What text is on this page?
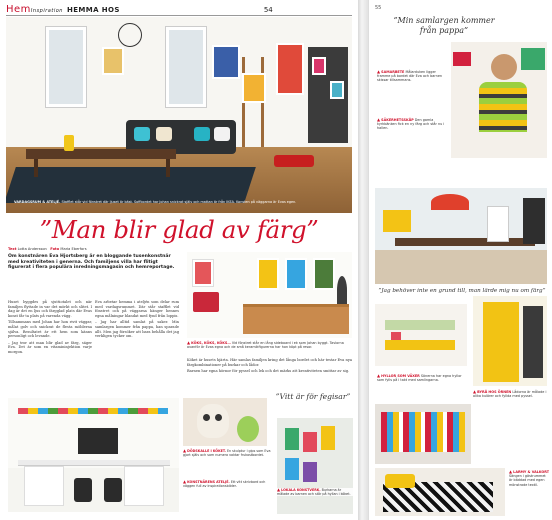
HemInspiration HEMMA HOS	54
VARDAGSRUM & ATELJÉ. Stafflet står vid fönstret där ljuset är bäst. Soffbordet har Johan snickrat själv och mattan är från IKEA. Konsten på väggarna är Evas egen.
”Man blir glad av färg”
Text Lotta Andersson Foto Maria Eberfors
Om konstnären Eva Hjortsberg är en bloggande tusenkonstnär med kreativiteten i generna. Och familjens villa har flitigt figurerat i flera populära inredningsmagasin och hemreportage.

Huset byggdes på sjuttiotalet och när familjen flyttade in var det mörkt och slitet. I dag är det en ljus och färgglad plats där Evas konst får ta plats på varenda vägg.

Tillsammans med Johan har hon rivit väggar, målat golv och snickrat de flesta möblerna själva. Resultatet är ett hem som känns personligt och levande.

– Jag tror att man blir glad av färg, säger Eva. Det är som en vitamininjektion varje morgon.

Eva arbetar hemma i ateljén som delar rum med vardagsrummet. Där står stafflet vid fönstret och på väggarna hänger hennes egna målningar blandat med fynd från loppis.

– Jag har alltid samlat på saker. Min samlargen kommer från pappa, han sparade allt. Men jag försöker att bara behålla det jag verkligen tycker om.

Köket är husets hjärta. Här samlas familjen kring det långa bordet och här testar Eva nya färgkombinationer på burkar och lådor.

Barnen har egna hörnor för pyssel och lek och det märks att kreativiteten smittar av sig.

▲ KÖKS, KÖKS, KÖKS… Vid fönstret står en lång sideboard i ek som Johan byggt. Tavlorna ovanför är Evas egna och de små keramikfigurerna har hon köpt på resor.
▲ DÖDSKALLE I KÖKET. En skulptur i gips som Eva gjort själv och som numera vaktar frukostbordet.
▲ KONSTNÄRENS ATELJÉ. Ett vitt skrivbord och väggen full av inspirationsbilder.
”Vitt är för fegisar”
▲ LOKALA KONSTVERK. Burkarna är målade av barnen och står på hyllan i köket.
55
”Min samlargen kommer från pappa”
▲ SAMARBETE Målarduken ligger framme på bordet där Eva och barnen skissar tillsammans.
▲ SÄKERHETSSKÅP Den gamla kyrkbänken fick en ny färg och står nu i hallen.
”Jag behöver inte en grund till, man lärde mig nu om färg”
▲ HYLLOR SOM VÄXER Sönerna har egna hyllor som fylls på i takt med samlingarna.
▲ BYRÅ HOS ÖRNEN Lådorna är målade i olika kulörer och fyllda med pyssel.
▲ LARMY & VALKORT Sängen i gästrummet är bäddad med egen mönstrade textil.
